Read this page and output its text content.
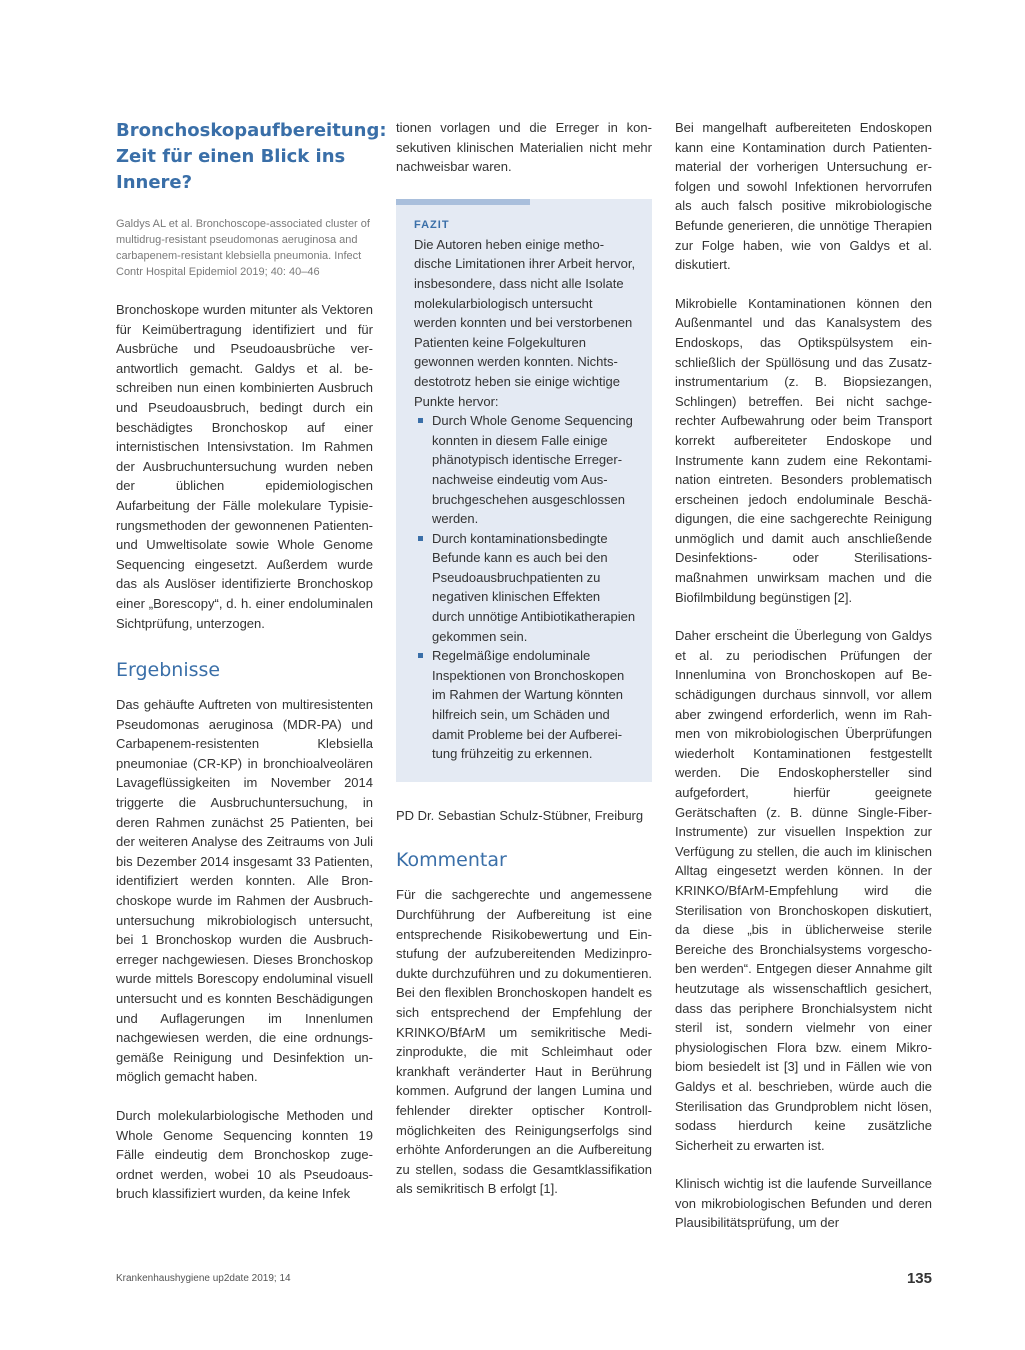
Bronchoskopaufbereitung: Zeit für einen Blick ins Innere?
Galdys AL et al. Bronchoscope-associated cluster of multidrug-resistant pseudomonas aeruginosa and carbapenem-resistant klebsiella pneumonia. Infect Contr Hospital Epidemiol 2019; 40: 40–46

Bronchoskope wurden mitunter als Vektoren für Keimübertragung identifiziert und für Ausbrüche und Pseudoausbrüche verantwortlich gemacht. Galdys et al. beschreiben nun einen kombinierten Ausbruch und Pseudoausbruch, bedingt durch ein beschädigtes Bronchoskop auf einer internistischen Intensivstation. Im Rahmen der Ausbruchuntersuchung wurden neben der üblichen epidemiologischen Aufarbeitung der Fälle molekulare Typisierungsmethoden der gewonnenen Patienten- und Umweltisolate sowie Whole Genome Sequencing eingesetzt. Außerdem wurde das als Auslöser identifizierte Bronchoskop einer „Borescopy“, d. h. einer endoluminalen Sichtprüfung, unterzogen.

Ergebnisse

Das gehäufte Auftreten von multiresistenten Pseudomonas aeruginosa (MDR-PA) und Carbapenem-resistenten Klebsiella pneumoniae (CR-KP) in bronchioalveolären Lavageflüssigkeiten im November 2014 triggerte die Ausbruchuntersuchung, in deren Rahmen zunächst 25 Patienten, bei der weiteren Analyse des Zeitraums von Juli bis Dezember 2014 insgesamt 33 Patienten, identifiziert werden konnten. Alle Bronchoskope wurde im Rahmen der Ausbruchuntersuchung mikrobiologisch untersucht, bei 1 Bronchoskop wurden die Ausbrucherreger nachgewiesen. Dieses Bronchoskop wurde mittels Borescopy endoluminal visuell untersucht und es konnten Beschädigungen und Auflagerungen im Innenlumen nachgewiesen werden, die eine ordnungsgemäße Reinigung und Desinfektion unmöglich gemacht haben.

Durch molekularbiologische Methoden und Whole Genome Sequencing konnten 19 Fälle eindeutig dem Bronchoskop zugeordnet werden, wobei 10 als Pseudoausbruch klassifiziert wurden, da keine Infek

tionen vorlagen und die Erreger in konsekutiven klinischen Materialien nicht mehr nachweisbar waren.

FAZIT

Die Autoren heben einige methodische Limitationen ihrer Arbeit hervor, insbesondere, dass nicht alle Isolate molekularbiologisch untersucht werden konnten und bei verstorbenen Patienten keine Folgekulturen gewonnen werden konnten. Nichtsdestotrotz heben sie einige wichtige Punkte hervor:

Durch Whole Genome Sequencing konnten in diesem Falle einige phänotypisch identische Erregernachweise eindeutig vom Ausbruchgeschehen ausgeschlossen werden.
Durch kontaminationsbedingte Befunde kann es auch bei den Pseudoausbruchpatienten zu negativen klinischen Effekten durch unnötige Antibiotikatherapien gekommen sein.
Regelmäßige endoluminale Inspektionen von Bronchoskopen im Rahmen der Wartung könnten hilfreich sein, um Schäden und damit Probleme bei der Aufbereitung frühzeitig zu erkennen.
PD Dr. Sebastian Schulz-Stübner, Freiburg
Kommentar

Für die sachgerechte und angemessene Durchführung der Aufbereitung ist eine entsprechende Risikobewertung und Einstufung der aufzubereitenden Medizinprodukte durchzuführen und zu dokumentieren. Bei den flexiblen Bronchoskopen handelt es sich entsprechend der Empfehlung der KRINKO/BfArM um semikritische Medizinprodukte, die mit Schleimhaut oder krankhaft veränderter Haut in Berührung kommen. Aufgrund der langen Lumina und fehlender direkter optischer Kontrollmöglichkeiten des Reinigungserfolgs sind erhöhte Anforderungen an die Aufbereitung zu stellen, sodass die Gesamtklassifikation als semikritisch B erfolgt [1].

Bei mangelhaft aufbereiteten Endoskopen kann eine Kontamination durch Patientenmaterial der vorherigen Untersuchung erfolgen und sowohl Infektionen hervorrufen als auch falsch positive mikrobiologische Befunde generieren, die unnötige Therapien zur Folge haben, wie von Galdys et al. diskutiert.

Mikrobielle Kontaminationen können den Außenmantel und das Kanalsystem des Endoskops, das Optikspülsystem einschließlich der Spüllösung und das Zusatzinstrumentarium (z. B. Biopsiezangen, Schlingen) betreffen. Bei nicht sachgerechter Aufbewahrung oder beim Transport korrekt aufbereiteter Endoskope und Instrumente kann zudem eine Rekontamination eintreten. Besonders problematisch erscheinen jedoch endoluminale Beschädigungen, die eine sachgerechte Reinigung unmöglich und damit auch anschließende Desinfektions- oder Sterilisationsmaßnahmen unwirksam machen und die Biofilmbildung begünstigen [2].

Daher erscheint die Überlegung von Galdys et al. zu periodischen Prüfungen der Innenlumina von Bronchoskopen auf Beschädigungen durchaus sinnvoll, vor allem aber zwingend erforderlich, wenn im Rahmen von mikrobiologischen Überprüfungen wiederholt Kontaminationen festgestellt werden. Die Endoskophersteller sind aufgefordert, hierfür geeignete Gerätschaften (z. B. dünne Single-Fiber-Instrumente) zur visuellen Inspektion zur Verfügung zu stellen, die auch im klinischen Alltag eingesetzt werden können. In der KRINKO/BfArM-Empfehlung wird die Sterilisation von Bronchoskopen diskutiert, da diese „bis in üblicherweise sterile Bereiche des Bronchialsystems vorgeschoben werden“. Entgegen dieser Annahme gilt heutzutage als wissenschaftlich gesichert, dass das periphere Bronchialsystem nicht steril ist, sondern vielmehr von einer physiologischen Flora bzw. einem Mikrobiom besiedelt ist [3] und in Fällen wie von Galdys et al. beschrieben, würde auch die Sterilisation das Grundproblem nicht lösen, sodass hierdurch keine zusätzliche Sicherheit zu erwarten ist.

Klinisch wichtig ist die laufende Surveillance von mikrobiologischen Befunden und deren Plausibilitätsprüfung, um der

Krankenhaushygiene up2date 2019; 14	135
